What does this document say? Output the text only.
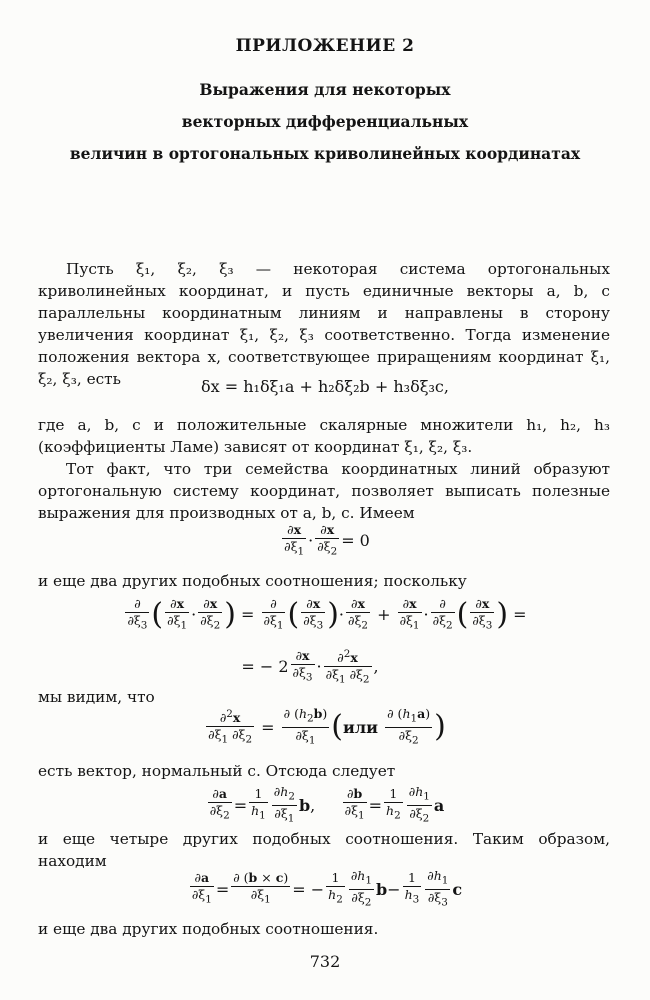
ПРИЛОЖЕНИЕ 2
Выражения для некоторых
векторных дифференциальных
величин в ортогональных криволинейных координатах
Пусть ξ₁, ξ₂, ξ₃ — некоторая система ортогональных криволинейных координат, и пусть единичные векторы a, b, c параллельны координатным линиям и направлены в сторону увеличения координат ξ₁, ξ₂, ξ₃ соответственно. Тогда изменение положения вектора x, соответствующее приращениям координат ξ₁, ξ₂, ξ₃, есть	δx = h₁δξ₁a + h₂δξ₂b + h₃δξ₃c,
где a, b, c и положительные скалярные множители h₁, h₂, h₃ (коэффициенты Ламе) зависят от координат ξ₁, ξ₂, ξ₃.
Тот факт, что три семейства координатных линий образуют ортогональную систему координат, позволяет выписать полезные выражения для производных от a, b, c. Имеем
∂x
$\partial\xi_1$
· $\frac{\partial x}{\partial\xi_2} = 0$
и еще два других подобных соотношения; поскольку
∂
$\partial\xi_3$ ( ∂x
$\partial\xi_1$
·
∂x
$\partial\xi_2$ ) =
∂
$\partial\xi_1$ ( ∂x
$\partial\xi_3$ ) ·
∂x
$\partial\xi_2$
+ $\frac{\partial x}{\partial\xi_1}$ ·
∂
$\partial\xi_2$ ( ∂x
$\partial\xi_3$ ) =
= − 2
∂x
$\partial\xi_3$
·	∂$^2$x
$\partial\xi_1$ $\partial\xi_2$
,
мы видим, что
$\frac{\partial^2x}{\partial\xi_1 \partial\xi_2} = \frac{\partial (h_2b)}{\partial\xi_1}$ ( или

∂ $(h_1a)$
$\partial\xi_2$ )
есть вектор, нормальный c. Отсюда следует
$\frac{\partial a}{\partial\xi_2} = \frac{1}{h_1} \partial h_2$
$\partial\xi_1$
b , $\frac{\partial b}{\partial\xi_1} = \frac{1}{h_2} \partial h_1$
$\partial\xi_2$
a
и еще четыре других подобных соотношения. Таким образом, находим
$\frac{\partial a}{\partial\xi_1} = \frac{\partial (b \times c)}{\partial\xi_1}$ = − $\frac{1}{h_2} \partial h_1$
$\partial\xi_2$
$b - \frac{1}{h_3} \partial h_1$
$\partial\xi_3$
c
и еще два других подобных соотношения.
732
